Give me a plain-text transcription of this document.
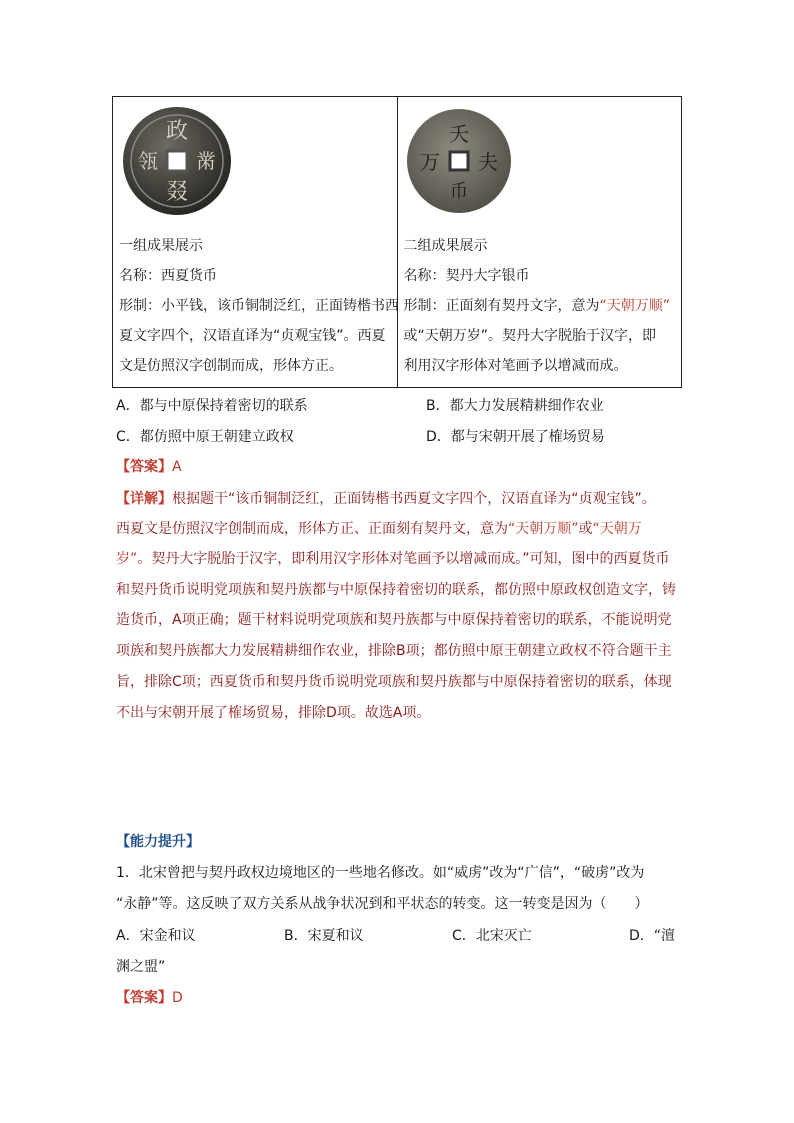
政
瓴 黹
叕
一组成果展示
名称：西夏货币
形制：小平钱，该币铜制泛红，正面铸楷书西
夏文字四个，汉语直译为“贞观宝钱”。西夏
文是仿照汉字创制而成，形体方正。

夭
万 夫
币
二组成果展示
名称：契丹大字银币
形制：正面刻有契丹文字，意为“天朝万顺”
或“天朝万岁”。契丹大字脱胎于汉字，即
利用汉字形体对笔画予以增减而成。
A．都与中原保持着密切的联系	B．都大力发展精耕细作农业
C．都仿照中原王朝建立政权	D．都与宋朝开展了榷场贸易
【答案】A
【详解】根据题干“该币铜制泛红，正面铸楷书西夏文字四个，汉语直译为“贞观宝钱”。
西夏文是仿照汉字创制而成，形体方正、正面刻有契丹文，意为“天朝万顺”或“天朝万
岁”。契丹大字脱胎于汉字，即利用汉字形体对笔画予以增减而成。”可知，图中的西夏货币
和契丹货币说明党项族和契丹族都与中原保持着密切的联系，都仿照中原政权创造文字，铸
造货币，A项正确；题干材料说明党项族和契丹族都与中原保持着密切的联系，不能说明党
项族和契丹族都大力发展精耕细作农业，排除B项；都仿照中原王朝建立政权不符合题干主
旨，排除C项；西夏货币和契丹货币说明党项族和契丹族都与中原保持着密切的联系，体现
不出与宋朝开展了榷场贸易，排除D项。故选A项。
【能力提升】
1．北宋曾把与契丹政权边境地区的一些地名修改。如“威虏”改为“广信”，“破虏”改为
“永静”等。这反映了双方关系从战争状况到和平状态的转变。这一转变是因为（　　）
A．宋金和议	B．宋夏和议	C．北宋灭亡	D．“澶
渊之盟”
【答案】D
